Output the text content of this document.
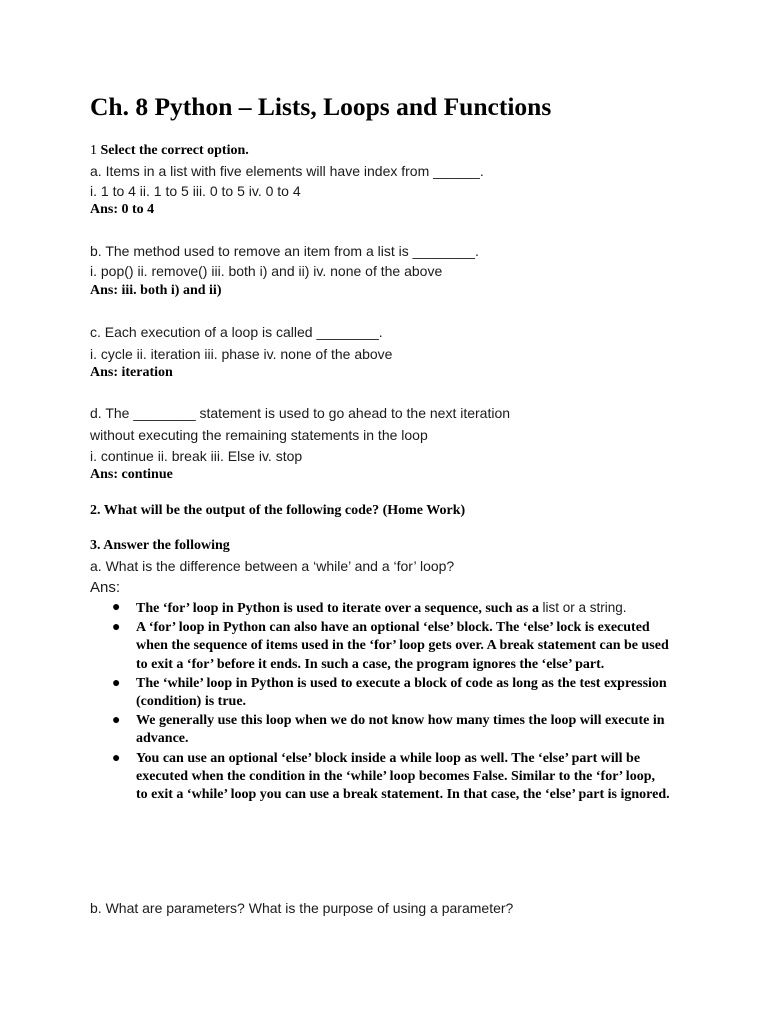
Ch. 8 Python – Lists, Loops and Functions
1 Select the correct option.
a. Items in a list with five elements will have index from ______.
i. 1 to 4 ii. 1 to 5 iii. 0 to 5 iv. 0 to 4
Ans: 0 to 4
b. The method used to remove an item from a list is ________.
i. pop() ii. remove() iii. both i) and ii) iv. none of the above
Ans: iii. both i) and ii)
c. Each execution of a loop is called ________.
i. cycle ii. iteration iii. phase iv. none of the above
Ans: iteration
d. The ________ statement is used to go ahead to the next iteration
without executing the remaining statements in the loop
i. continue ii. break iii. Else iv. stop
Ans: continue
2. What will be the output of the following code? (Home Work)
3. Answer the following
a. What is the difference between a ‘while’ and a ‘for’ loop?
Ans:
● The ‘for’ loop in Python is used to iterate over a sequence, such as a list or a string.
● A ‘for’ loop in Python can also have an optional ‘else’ block. The ‘else’ lock is executed when the sequence of items used in the ‘for’ loop gets over. A break statement can be used to exit a ‘for’ before it ends. In such a case, the program ignores the ‘else’ part.
● The ‘while’ loop in Python is used to execute a block of code as long as the test expression (condition) is true.
● We generally use this loop when we do not know how many times the loop will execute in advance.
● You can use an optional ‘else’ block inside a while loop as well. The ‘else’ part will be executed when the condition in the ‘while’ loop becomes False. Similar to the ‘for’ loop, to exit a ‘while’ loop you can use a break statement. In that case, the ‘else’ part is ignored.
b. What are parameters? What is the purpose of using a parameter?
